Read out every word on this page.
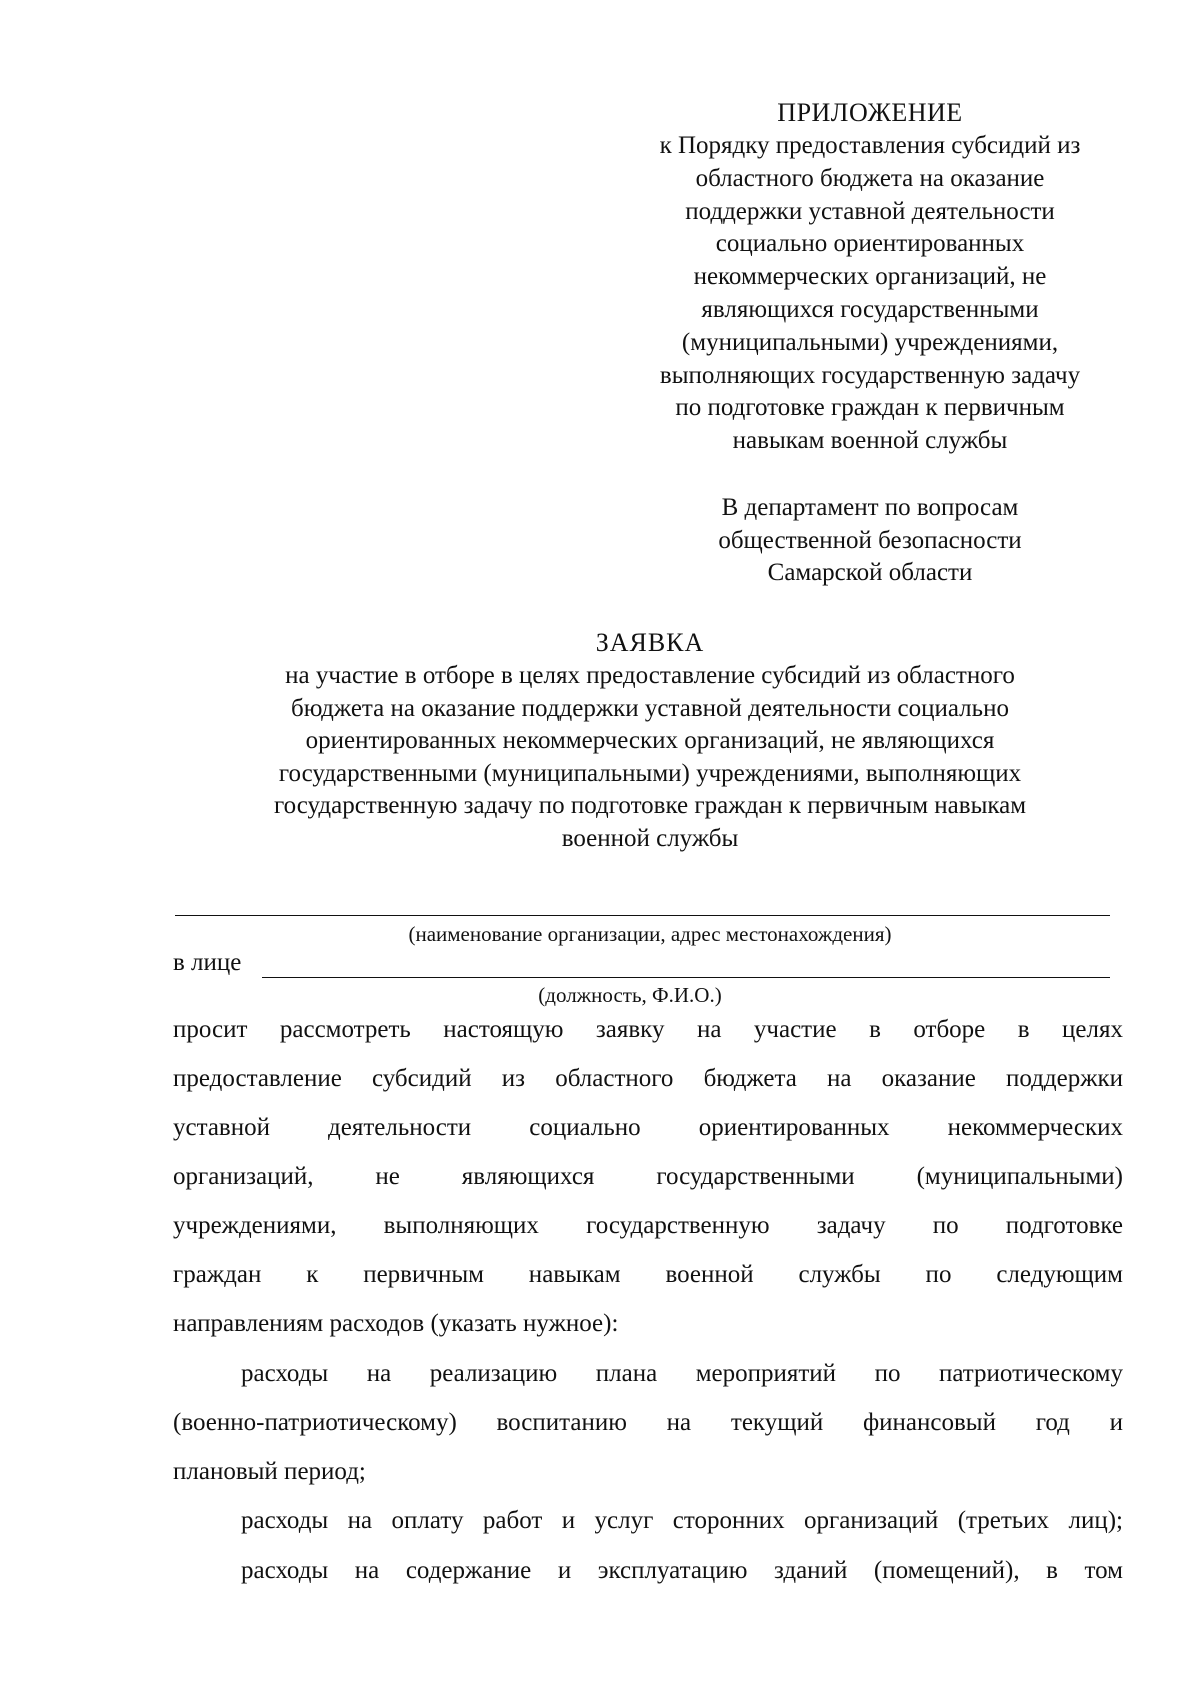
ПРИЛОЖЕНИЕ
к Порядку предоставления субсидий из
областного бюджета на оказание
поддержки уставной деятельности
социально ориентированных
некоммерческих организаций, не
являющихся государственными
(муниципальными) учреждениями,
выполняющих государственную задачу
по подготовке граждан к первичным
навыкам военной службы
В департамент по вопросам
общественной безопасности
Самарской области
ЗАЯВКА
на участие в отборе в целях предоставление субсидий из областного
бюджета на оказание поддержки уставной деятельности социально
ориентированных некоммерческих организаций, не являющихся
государственными (муниципальными) учреждениями, выполняющих
государственную задачу по подготовке граждан к первичным навыкам
военной службы
(наименование организации, адрес местонахождения)
в лице
(должность, Ф.И.О.)
просит рассмотреть настоящую заявку на участие в отборе в целях
предоставление субсидий из областного бюджета на оказание поддержки
уставной деятельности социально ориентированных некоммерческих
организаций, не являющихся государственными (муниципальными)
учреждениями, выполняющих государственную задачу по подготовке
граждан к первичным навыкам военной службы по следующим
направлениям расходов (указать нужное):
расходы на реализацию плана мероприятий по патриотическому
(военно-патриотическому) воспитанию на текущий финансовый год и
плановый период;
расходы на оплату работ и услуг сторонних организаций (третьих лиц);
расходы на содержание и эксплуатацию зданий (помещений), в том
